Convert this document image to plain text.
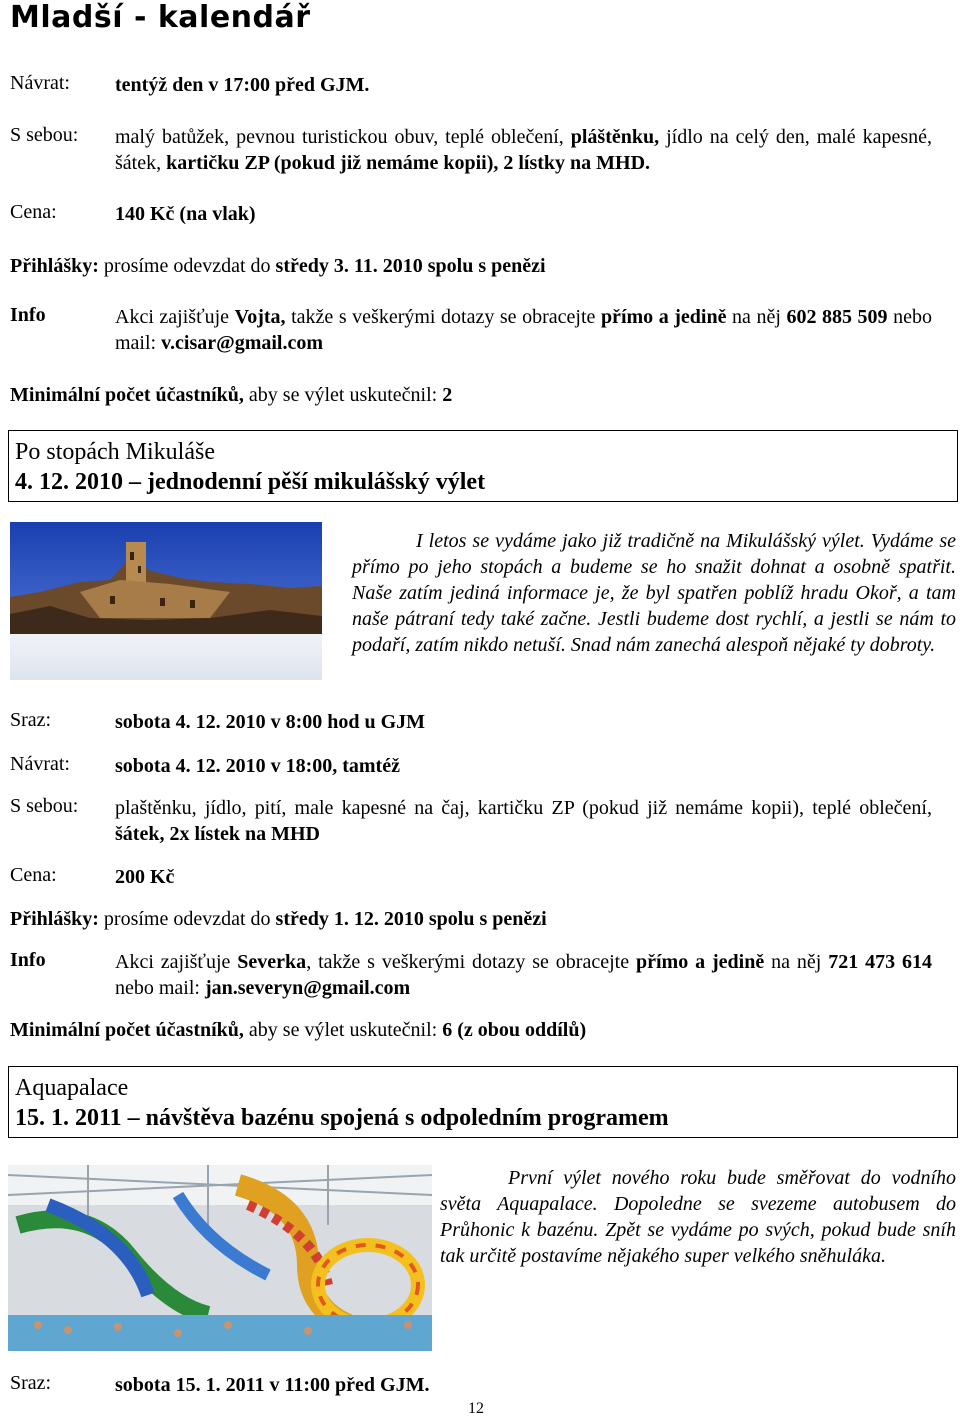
Mladší - kalendář
Návrat: tentýž den v 17:00 před GJM.
S sebou: malý batůžek, pevnou turistickou obuv, teplé oblečení, pláštěnku, jídlo na celý den, malé kapesné, šátek, kartičku ZP (pokud již nemáme kopii), 2 lístky na MHD.
Cena:	140 Kč (na vlak)
Přihlášky: prosíme odevzdat do středy 3. 11. 2010 spolu s penězi
Info	Akci zajišťuje Vojta, takže s veškerými dotazy se obracejte přímo a jedině na něj 602 885 509 nebo mail: v.cisar@gmail.com
Minimální počet účastníků, aby se výlet uskutečnil: 2
Po stopách Mikuláše
4. 12. 2010 – jednodenní pěší mikulášský výlet
I letos se vydáme jako již tradičně na Mikulášský výlet. Vydáme se přímo po jeho stopách a budeme se ho snažit dohnat a osobně spatřit. Naše zatím jediná informace je, že byl spatřen poblíž hradu Okoř, a tam naše pátraní tedy také začne. Jestli budeme dost rychlí, a jestli se nám to podaří, zatím nikdo netuší. Snad nám zanechá alespoň nějaké ty dobroty.
Sraz:	sobota 4. 12. 2010 v 8:00 hod u GJM
Návrat: sobota 4. 12. 2010 v 18:00, tamtéž
S sebou: plaštěnku, jídlo, pití, male kapesné na čaj, kartičku ZP (pokud již nemáme kopii), teplé oblečení, šátek, 2x lístek na MHD
Cena:	200 Kč
Přihlášky: prosíme odevzdat do středy 1. 12. 2010 spolu s penězi
Info	Akci zajišťuje Severka, takže s veškerými dotazy se obracejte přímo a jedině na něj 721 473 614 nebo mail: jan.severyn@gmail.com
Minimální počet účastníků, aby se výlet uskutečnil: 6 (z obou oddílů)
Aquapalace
15. 1. 2011 – návštěva bazénu spojená s odpoledním programem
První výlet nového roku bude směřovat do vodního světa Aquapalace. Dopoledne se svezeme autobusem do Průhonic k bazénu. Zpět se vydáme po svých, pokud bude sníh tak určitě postavíme nějakého super velkého sněhuláka.
Sraz:	sobota 15. 1. 2011 v 11:00 před GJM.
12
